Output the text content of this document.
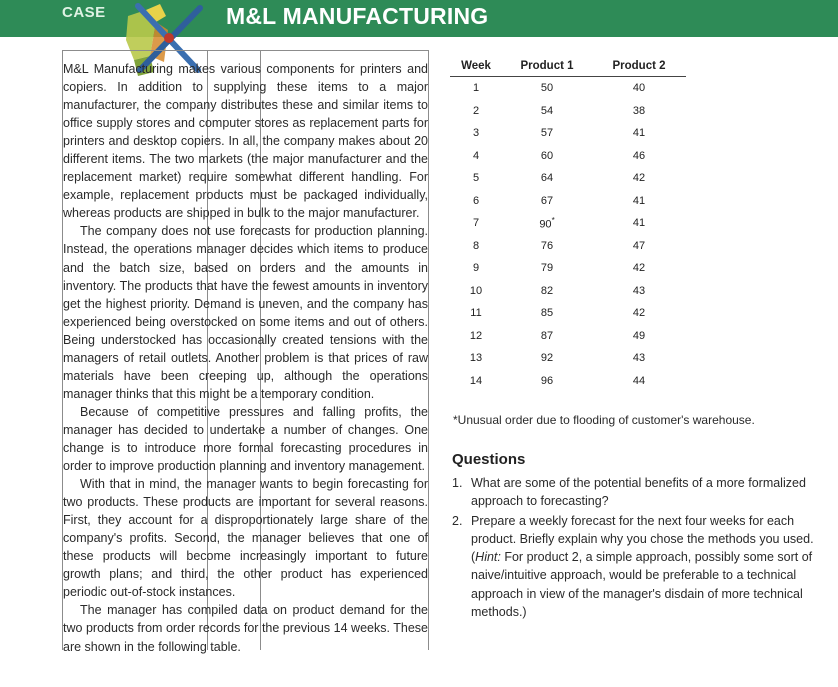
CASE	M&L MANUFACTURING

M&L Manufacturing makes various components for printers and copiers. In addition to supplying these items to a major manufacturer, the company distributes these and similar items to office supply stores and computer stores as replacement parts for printers and desktop copiers. In all, the company makes about 20 different items. The two markets (the major manufacturer and the replacement market) require somewhat different handling. For example, replacement products must be packaged individually, whereas products are shipped in bulk to the major manufacturer.

The company does not use forecasts for production planning. Instead, the operations manager decides which items to produce and the batch size, based on orders and the amounts in inventory. The products that have the fewest amounts in inventory get the highest priority. Demand is uneven, and the company has experienced being overstocked on some items and out of others. Being understocked has occasionally created tensions with the managers of retail outlets. Another problem is that prices of raw materials have been creeping up, although the operations manager thinks that this might be a temporary condition.

Because of competitive pressures and falling profits, the manager has decided to undertake a number of changes. One change is to introduce more formal forecasting procedures in order to improve production planning and inventory management.

With that in mind, the manager wants to begin forecasting for two products. These products are important for several reasons. First, they account for a disproportionately large share of the company's profits. Second, the manager believes that one of these products will become increasingly important to future growth plans; and third, the other product has experienced periodic out-of-stock instances.

The manager has compiled data on product demand for the two products from order records for the previous 14 weeks. These are shown in the following table.

Week	Product 1	Product 2
1	50	40
2	54	38
3	57	41
4	60	46
5	64	42
6	67	41
7	90*	41
8	76	47
9	79	42
10	82	43
11	85	42
12	87	49
13	92	43
14	96	44
*Unusual order due to flooding of customer's warehouse.
Questions
1. What are some of the potential benefits of a more formalized approach to forecasting?
2. Prepare a weekly forecast for the next four weeks for each product. Briefly explain why you chose the methods you used. (Hint: For product 2, a simple approach, possibly some sort of naive/intuitive approach, would be preferable to a technical approach in view of the manager's disdain of more technical methods.)
